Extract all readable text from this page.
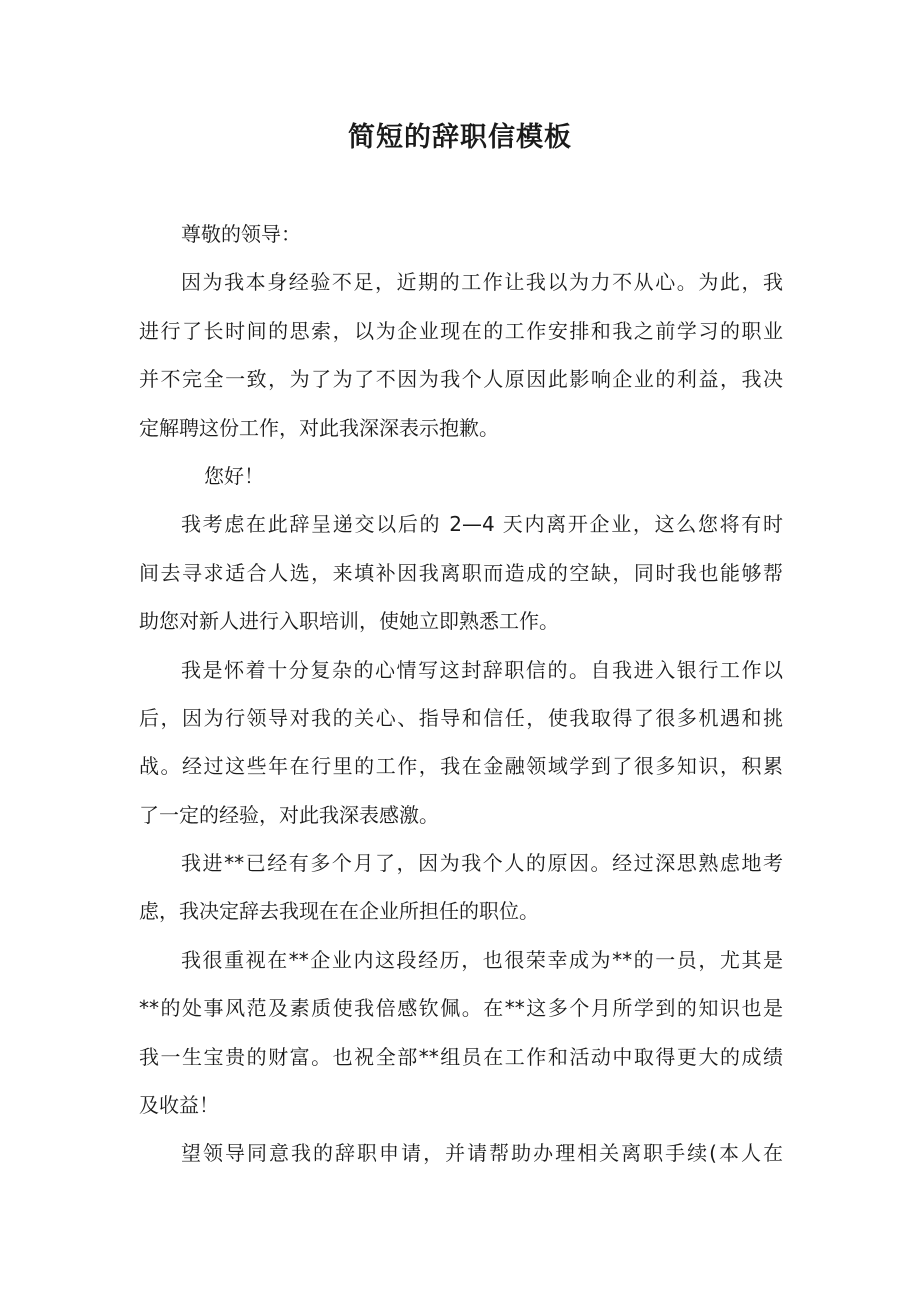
简短的辞职信模板
尊敬的领导：
因为我本身经验不足，近期的工作让我以为力不从心。为此，我
进行了长时间的思索，以为企业现在的工作安排和我之前学习的职业
并不完全一致，为了为了不因为我个人原因此影响企业的利益，我决
定解聘这份工作，对此我深深表示抱歉。
您好！
我考虑在此辞呈递交以后的 2—4 天内离开企业，这么您将有时
间去寻求适合人选，来填补因我离职而造成的空缺，同时我也能够帮
助您对新人进行入职培训，使她立即熟悉工作。
我是怀着十分复杂的心情写这封辞职信的。自我进入银行工作以
后，因为行领导对我的关心、指导和信任，使我取得了很多机遇和挑
战。经过这些年在行里的工作，我在金融领域学到了很多知识，积累
了一定的经验，对此我深表感激。
我进**已经有多个月了，因为我个人的原因。经过深思熟虑地考
虑，我决定辞去我现在在企业所担任的职位。
我很重视在**企业内这段经历，也很荣幸成为**的一员，尤其是
**的处事风范及素质使我倍感钦佩。在**这多个月所学到的知识也是
我一生宝贵的财富。也祝全部**组员在工作和活动中取得更大的成绩
及收益！
望领导同意我的辞职申请，并请帮助办理相关离职手续(本人在
